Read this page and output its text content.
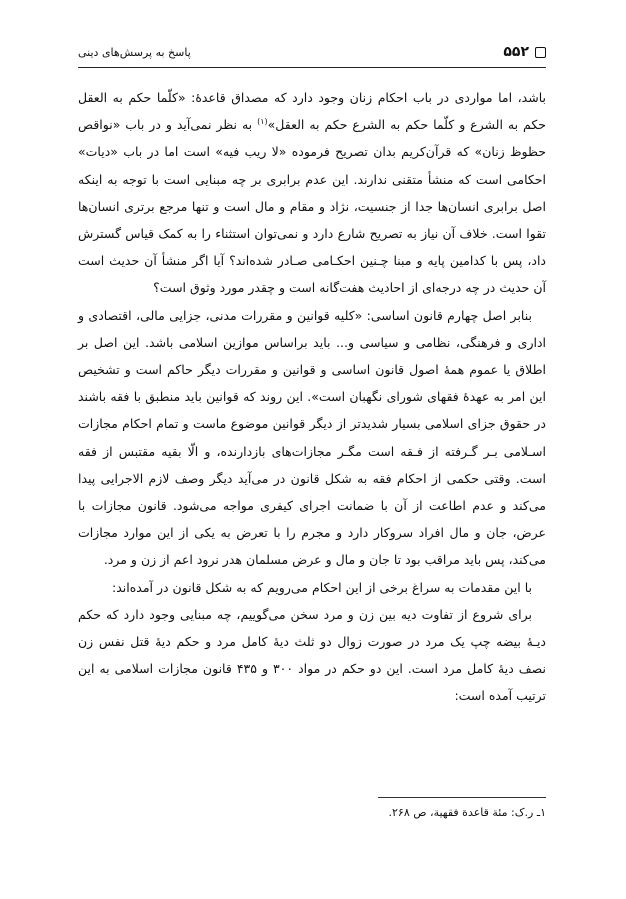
۵۵۲
پاسخ به پرسش‌های دینی

باشد، اما مواردی در باب احکام زنان وجود دارد که مصداق قاعدۀ: «کلّما حکم به العقل حکم به الشرع و کلّما حکم به الشرع حکم به العقل»$^{(۱)}$ به نظر نمی‌آید و در باب «نواقص حظوظ زنان» که قرآن‌کریم بدان تصریح فرموده «لا ریب فیه» است اما در باب «دیات» احکامی است که منشأ متقنی ندارند. این عدم برابری بر چه مبنایی است با توجه به اینکه اصل برابری انسان‌ها جدا از جنسیت، نژاد و مقام و مال است و تنها مرجع برتری انسان‌ها تقوا است. خلاف آن نیاز به تصریح شارع دارد و نمی‌توان استثناء را به کمک قیاس گسترش داد، پس با کدامین پایه و مبنا چـنین احکـامی صـادر شده‌اند؟ آیا اگر منشأ آن حدیث است آن حدیث در چه درجه‌ای از احادیث هفت‌گانه است و چقدر مورد وثوق است؟

بنابر اصل چهارم قانون اساسی: «کلیه قوانین و مقررات مدنی، جزایی مالی، اقتصادی و اداری و فرهنگی، نظامی و سیاسی و... باید براساس موازین اسلامی باشد. این اصل بر اطلاق یا عموم همۀ اصول قانون اساسی و قوانین و مقررات دیگر حاکم است و تشخیص این امر به عهدۀ فقهای شورای نگهبان است». این روند که قوانین باید منطبق با فقه باشند در حقوق جزای اسلامی بسیار شدیدتر از دیگر قوانین موضوع ماست و تمام احکام مجازات اسـلامی بـر گـرفته از فـقه است مگـر مجازات‌های بازدارنده، و الّا بقیه مقتبس از فقه است. وقتی حکمی از احکام فقه به شکل قانون در می‌آید دیگر وصف لازم الاجرایی پیدا می‌کند و عدم اطاعت از آن با ضمانت اجرای کیفری مواجه می‌شود. قانون مجازات با عرض، جان و مال افراد سروکار دارد و مجرم را با تعرض به یکی از این موارد مجازات می‌کند، پس باید مراقب بود تا جان و مال و عرض مسلمان هدر نرود اعم از زن و مرد.

با این مقدمات به سراغ برخی از این احکام می‌رویم که به شکل قانون در آمده‌اند:

برای شروع از تفاوت دیه بین زن و مرد سخن می‌گوییم، چه مبنایی وجود دارد که حکم دیـۀ بیضه چپ یک مرد در صورت زوال دو ثلث دیۀ کامل مرد و حکم دیۀ قتل نفس زن نصف دیۀ کامل مرد است. این دو حکم در مواد ۳۰۰ و ۴۳۵ قانون مجازات اسلامی به این ترتیب آمده است:

۱ـ ر.ک: مئة قاعدة فقهیة، ص ۲۶۸.
